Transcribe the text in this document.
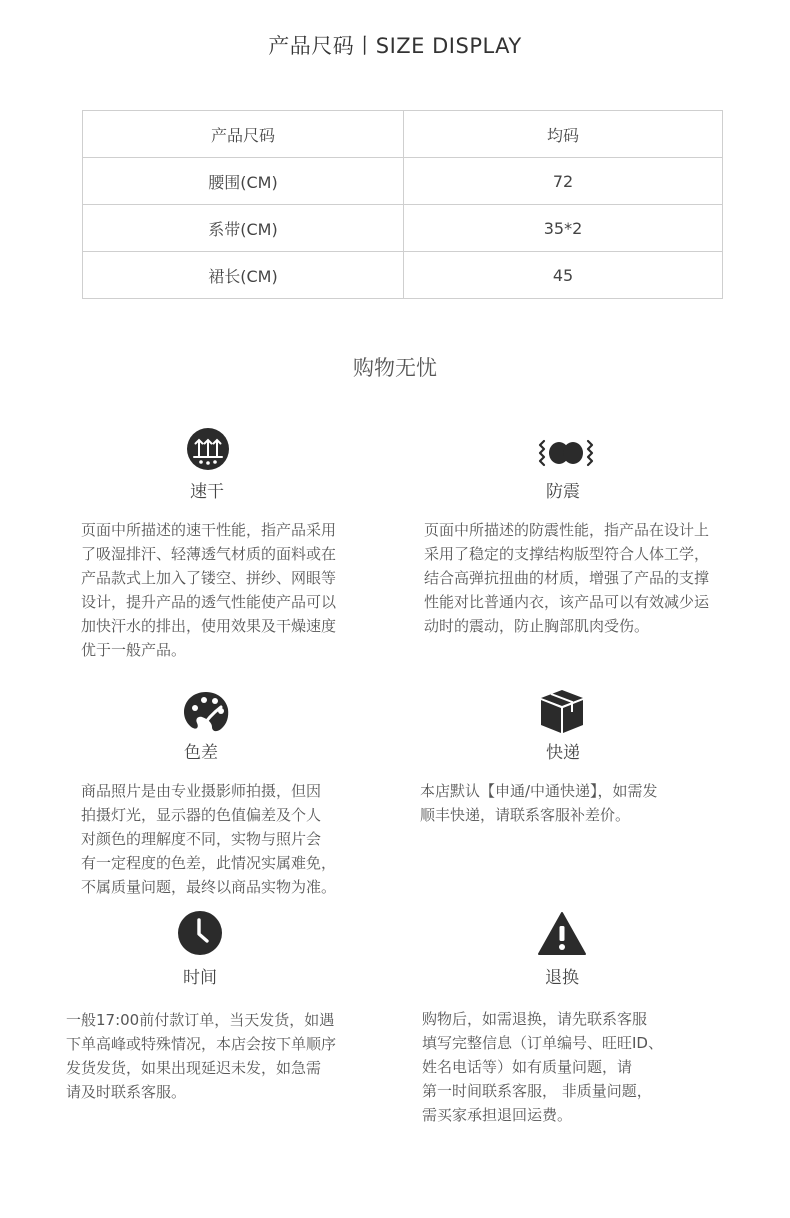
产品尺码丨SIZE DISPLAY
产品尺码	均码
腰围(CM)	72
系带(CM)	35*2
裙长(CM)	45
购物无忧
速干
页面中所描述的速干性能，指产品采用
了吸湿排汗、轻薄透气材质的面料或在
产品款式上加入了镂空、拼纱、网眼等
设计，提升产品的透气性能使产品可以
加快汗水的排出，使用效果及干燥速度
优于一般产品。
防震
页面中所描述的防震性能，指产品在设计上
采用了稳定的支撑结构版型符合人体工学，
结合高弹抗扭曲的材质，增强了产品的支撑
性能对比普通内衣，该产品可以有效减少运
动时的震动，防止胸部肌肉受伤。
色差
商品照片是由专业摄影师拍摄，但因
拍摄灯光，显示器的色值偏差及个人
对颜色的理解度不同，实物与照片会
有一定程度的色差，此情况实属难免，
不属质量问题，最终以商品实物为准。
快递
本店默认【申通/中通快递】，如需发
顺丰快递，请联系客服补差价。
时间
一般17:00前付款订单，当天发货，如遇
下单高峰或特殊情况，本店会按下单顺序
发货发货，如果出现延迟未发，如急需
请及时联系客服。
退换
购物后，如需退换，请先联系客服
填写完整信息（订单编号、旺旺ID、
姓名电话等）如有质量问题，请
第一时间联系客服， 非质量问题，
需买家承担退回运费。
